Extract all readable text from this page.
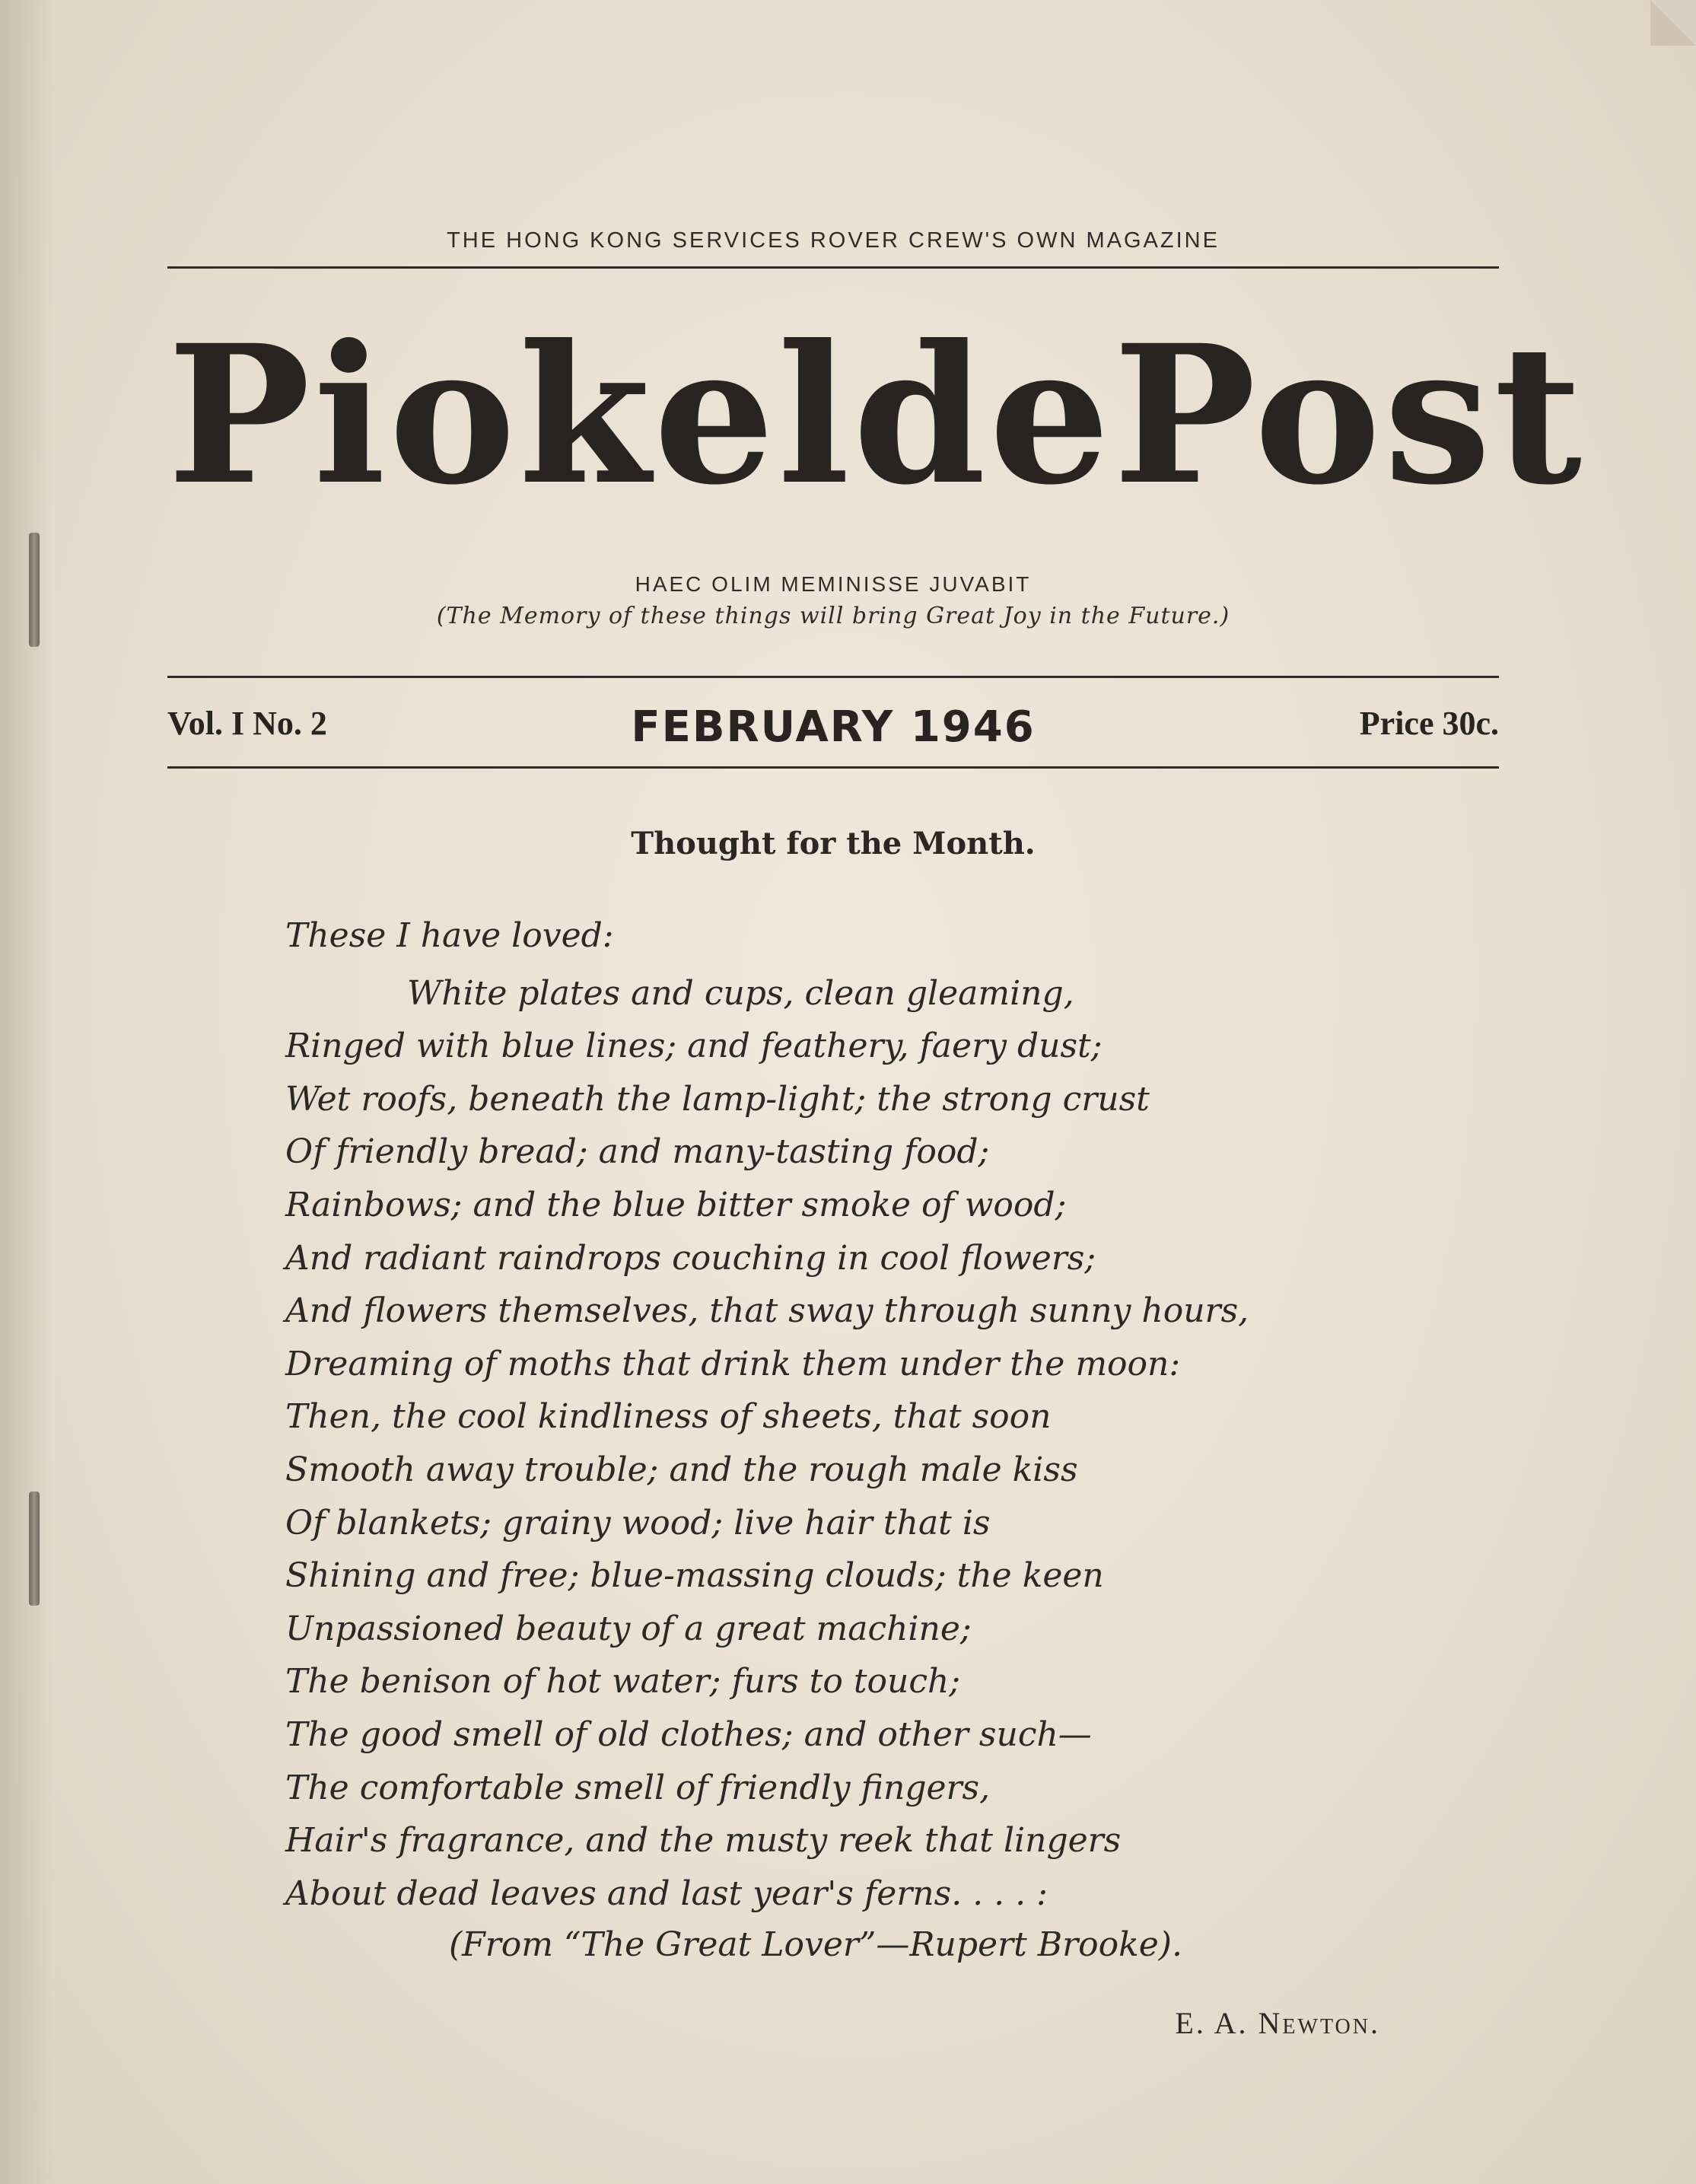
THE HONG KONG SERVICES ROVER CREW'S OWN MAGAZINE
Piokelde Post
HAEC OLIM MEMINISSE JUVABIT
(The Memory of these things will bring Great Joy in the Future.)
Vol. I No. 2	FEBRUARY 1946	Price 30c.
Thought for the Month.
These I have loved:
White plates and cups, clean gleaming,
Ringed with blue lines; and feathery, faery dust;
Wet roofs, beneath the lamp-light; the strong crust
Of friendly bread; and many-tasting food;
Rainbows; and the blue bitter smoke of wood;
And radiant raindrops couching in cool flowers;
And flowers themselves, that sway through sunny hours,
Dreaming of moths that drink them under the moon:
Then, the cool kindliness of sheets, that soon
Smooth away trouble; and the rough male kiss
Of blankets; grainy wood; live hair that is
Shining and free; blue-massing clouds; the keen
Unpassioned beauty of a great machine;
The benison of hot water; furs to touch;
The good smell of old clothes; and other such—
The comfortable smell of friendly fingers,
Hair's fragrance, and the musty reek that lingers
About dead leaves and last year's ferns. . . . :
(From “The Great Lover”—Rupert Brooke).
E. A. Newton.
